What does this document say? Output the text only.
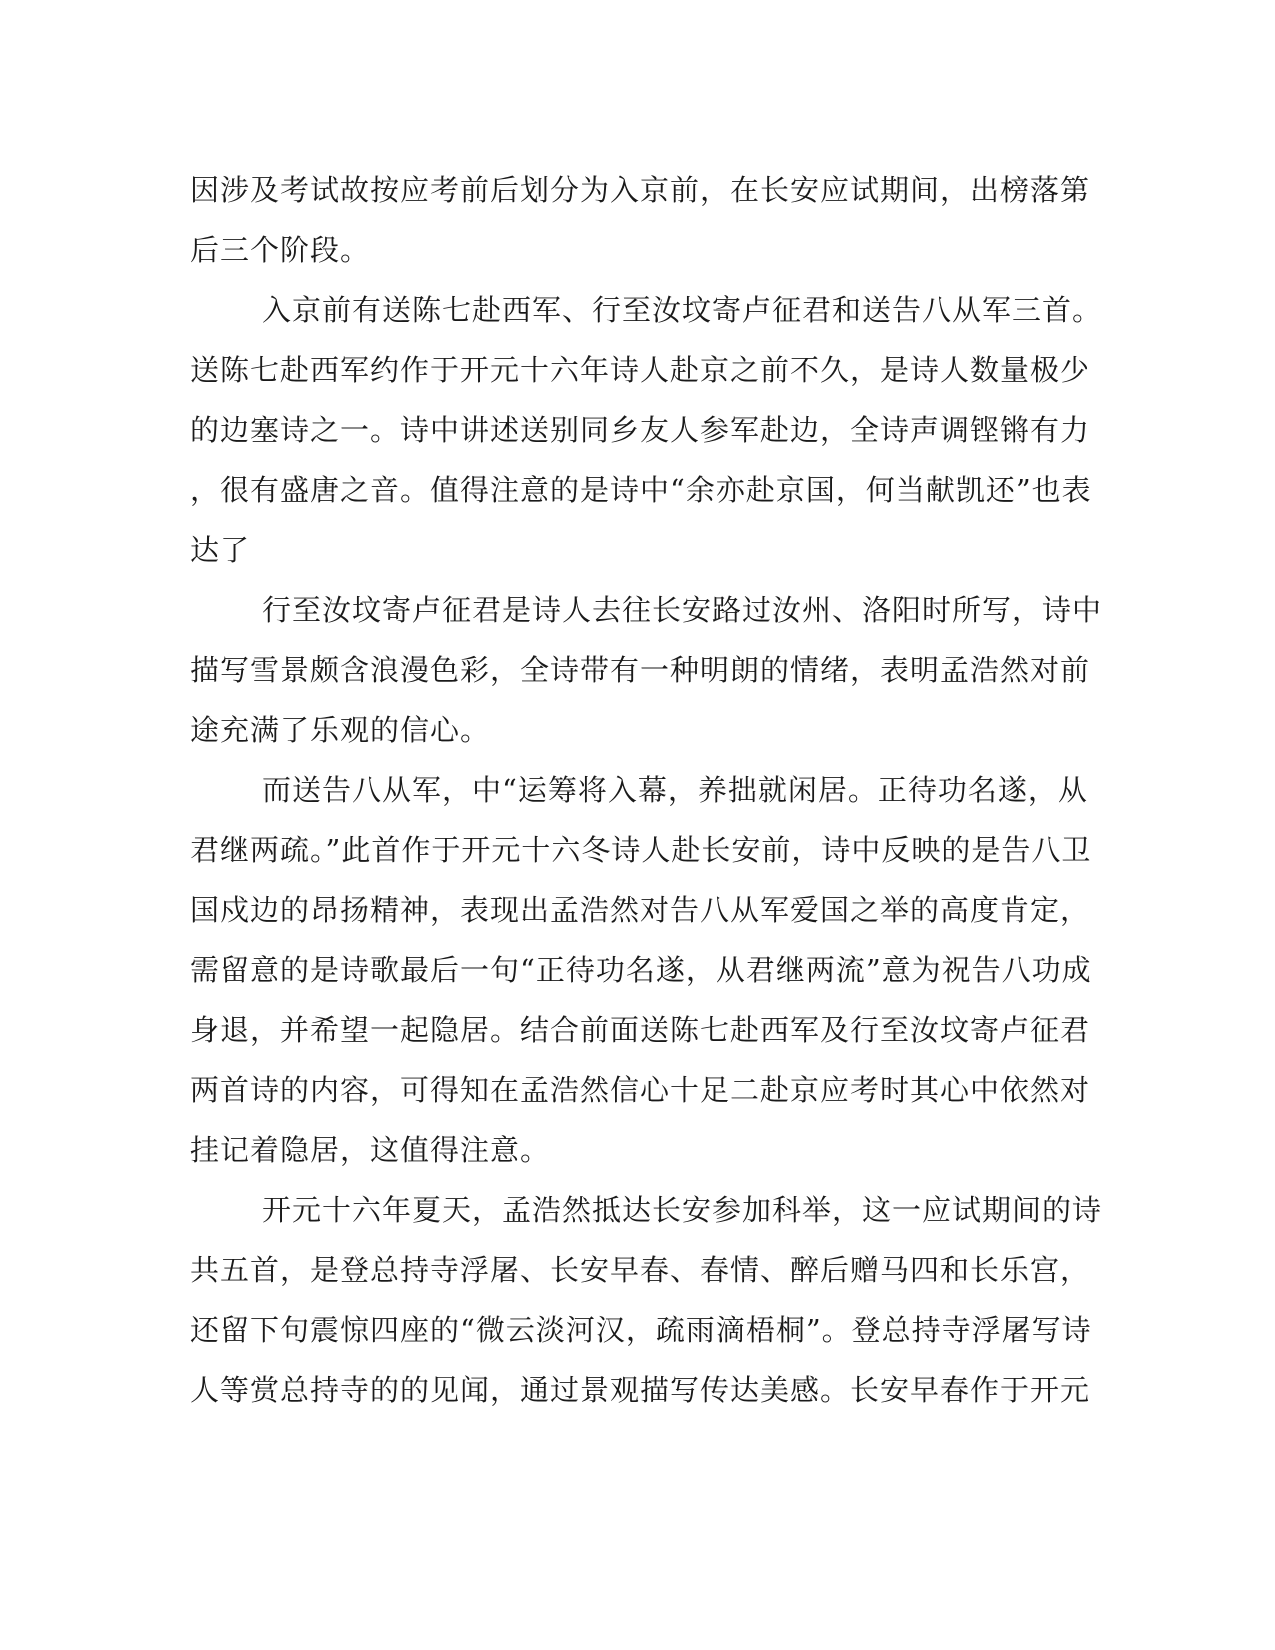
因涉及考试故按应考前后划分为入京前，在长安应试期间，出榜落第
后三个阶段。
入京前有送陈七赴西军、行至汝坟寄卢征君和送告八从军三首。
送陈七赴西军约作于开元十六年诗人赴京之前不久，是诗人数量极少
的边塞诗之一。诗中讲述送别同乡友人参军赴边，全诗声调铿锵有力
，很有盛唐之音。值得注意的是诗中“余亦赴京国，何当献凯还”也表
达了
行至汝坟寄卢征君是诗人去往长安路过汝州、洛阳时所写，诗中
描写雪景颇含浪漫色彩，全诗带有一种明朗的情绪，表明孟浩然对前
途充满了乐观的信心。
而送告八从军，中“运筹将入幕，养拙就闲居。正待功名遂，从
君继两疏。”此首作于开元十六冬诗人赴长安前，诗中反映的是告八卫
国戍边的昂扬精神，表现出孟浩然对告八从军爱国之举的高度肯定，
需留意的是诗歌最后一句“正待功名遂，从君继两流”意为祝告八功成
身退，并希望一起隐居。结合前面送陈七赴西军及行至汝坟寄卢征君
两首诗的内容，可得知在孟浩然信心十足二赴京应考时其心中依然对
挂记着隐居，这值得注意。
开元十六年夏天，孟浩然抵达长安参加科举，这一应试期间的诗
共五首，是登总持寺浮屠、长安早春、春情、醉后赠马四和长乐宫，
还留下句震惊四座的“微云淡河汉，疏雨滴梧桐”。登总持寺浮屠写诗
人等赏总持寺的的见闻，通过景观描写传达美感。长安早春作于开元
